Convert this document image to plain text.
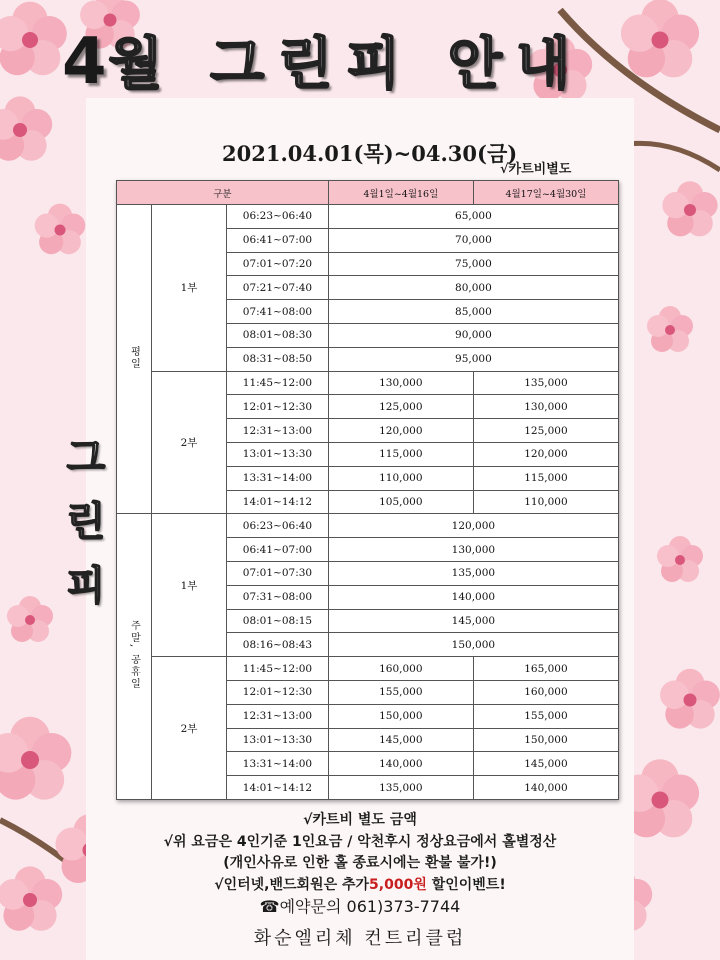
4월 그린피 안내
2021.04.01(목)~04.30(금)
√카트비별도
그
린
피
구분			4월1일~4월16일	4월17일~4월30일
평일	1부	06:23~06:40	65,000	
		06:41~07:00	70,000	
		07:01~07:20	75,000	
		07:21~07:40	80,000	
		07:41~08:00	85,000	
		08:01~08:30	90,000	
		08:31~08:50	95,000	
	2부	11:45~12:00	130,000	135,000
		12:01~12:30	125,000	130,000
		12:31~13:00	120,000	125,000
		13:01~13:30	115,000	120,000
		13:31~14:00	110,000	115,000
		14:01~14:12	105,000	110,000
주말, 공휴일	1부	06:23~06:40	120,000	
		06:41~07:00	130,000	
		07:01~07:30	135,000	
		07:31~08:00	140,000	
		08:01~08:15	145,000	
		08:16~08:43	150,000	
	2부	11:45~12:00	160,000	165,000
		12:01~12:30	155,000	160,000
		12:31~13:00	150,000	155,000
		13:01~13:30	145,000	150,000
		13:31~14:00	140,000	145,000
		14:01~14:12	135,000	140,000
√카트비 별도 금액
√위 요금은 4인기준 1인요금 / 악천후시 정상요금에서 홀별정산
(개인사유로 인한 홀 종료시에는 환불 불가!)
√인터넷,밴드회원은 추가5,000원 할인이벤트!
☎예약문의 061)373-7744
화순엘리체 컨트리클럽
